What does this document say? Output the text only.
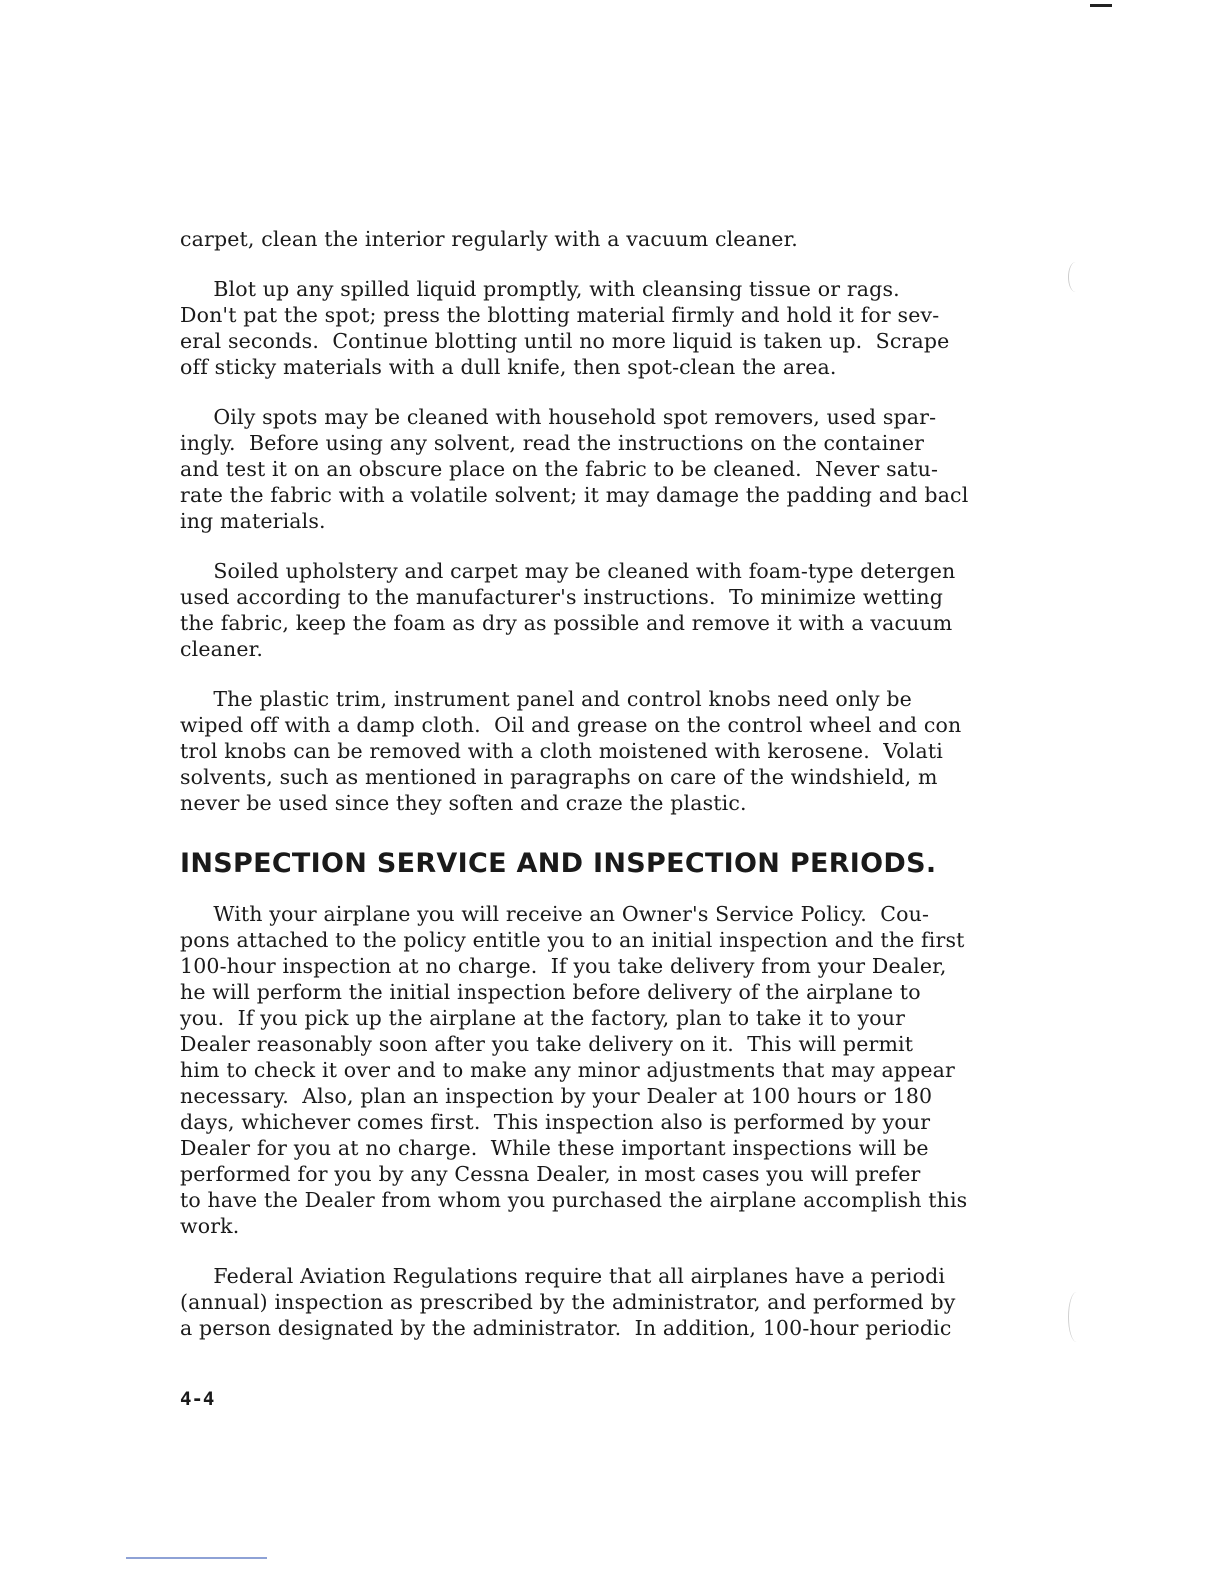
carpet, clean the interior regularly with a vacuum cleaner.
Blot up any spilled liquid promptly, with cleansing tissue or rags.
Don't pat the spot; press the blotting material firmly and hold it for sev-
eral seconds.  Continue blotting until no more liquid is taken up.  Scrape
off sticky materials with a dull knife, then spot-clean the area.
Oily spots may be cleaned with household spot removers, used spar-
ingly.  Before using any solvent, read the instructions on the container
and test it on an obscure place on the fabric to be cleaned.  Never satu-
rate the fabric with a volatile solvent; it may damage the padding and bacl
ing materials.
Soiled upholstery and carpet may be cleaned with foam-type detergen
used according to the manufacturer's instructions.  To minimize wetting
the fabric, keep the foam as dry as possible and remove it with a vacuum
cleaner.
The plastic trim, instrument panel and control knobs need only be
wiped off with a damp cloth.  Oil and grease on the control wheel and con
trol knobs can be removed with a cloth moistened with kerosene.  Volati
solvents, such as mentioned in paragraphs on care of the windshield, m
never be used since they soften and craze the plastic.
INSPECTION SERVICE AND INSPECTION PERIODS.
With your airplane you will receive an Owner's Service Policy.  Cou-
pons attached to the policy entitle you to an initial inspection and the first
100-hour inspection at no charge.  If you take delivery from your Dealer,
he will perform the initial inspection before delivery of the airplane to
you.  If you pick up the airplane at the factory, plan to take it to your
Dealer reasonably soon after you take delivery on it.  This will permit
him to check it over and to make any minor adjustments that may appear
necessary.  Also, plan an inspection by your Dealer at 100 hours or 180
days, whichever comes first.  This inspection also is performed by your
Dealer for you at no charge.  While these important inspections will be
performed for you by any Cessna Dealer, in most cases you will prefer
to have the Dealer from whom you purchased the airplane accomplish this
work.
Federal Aviation Regulations require that all airplanes have a periodi
(annual) inspection as prescribed by the administrator, and performed by
a person designated by the administrator.  In addition, 100-hour periodic
4-4
